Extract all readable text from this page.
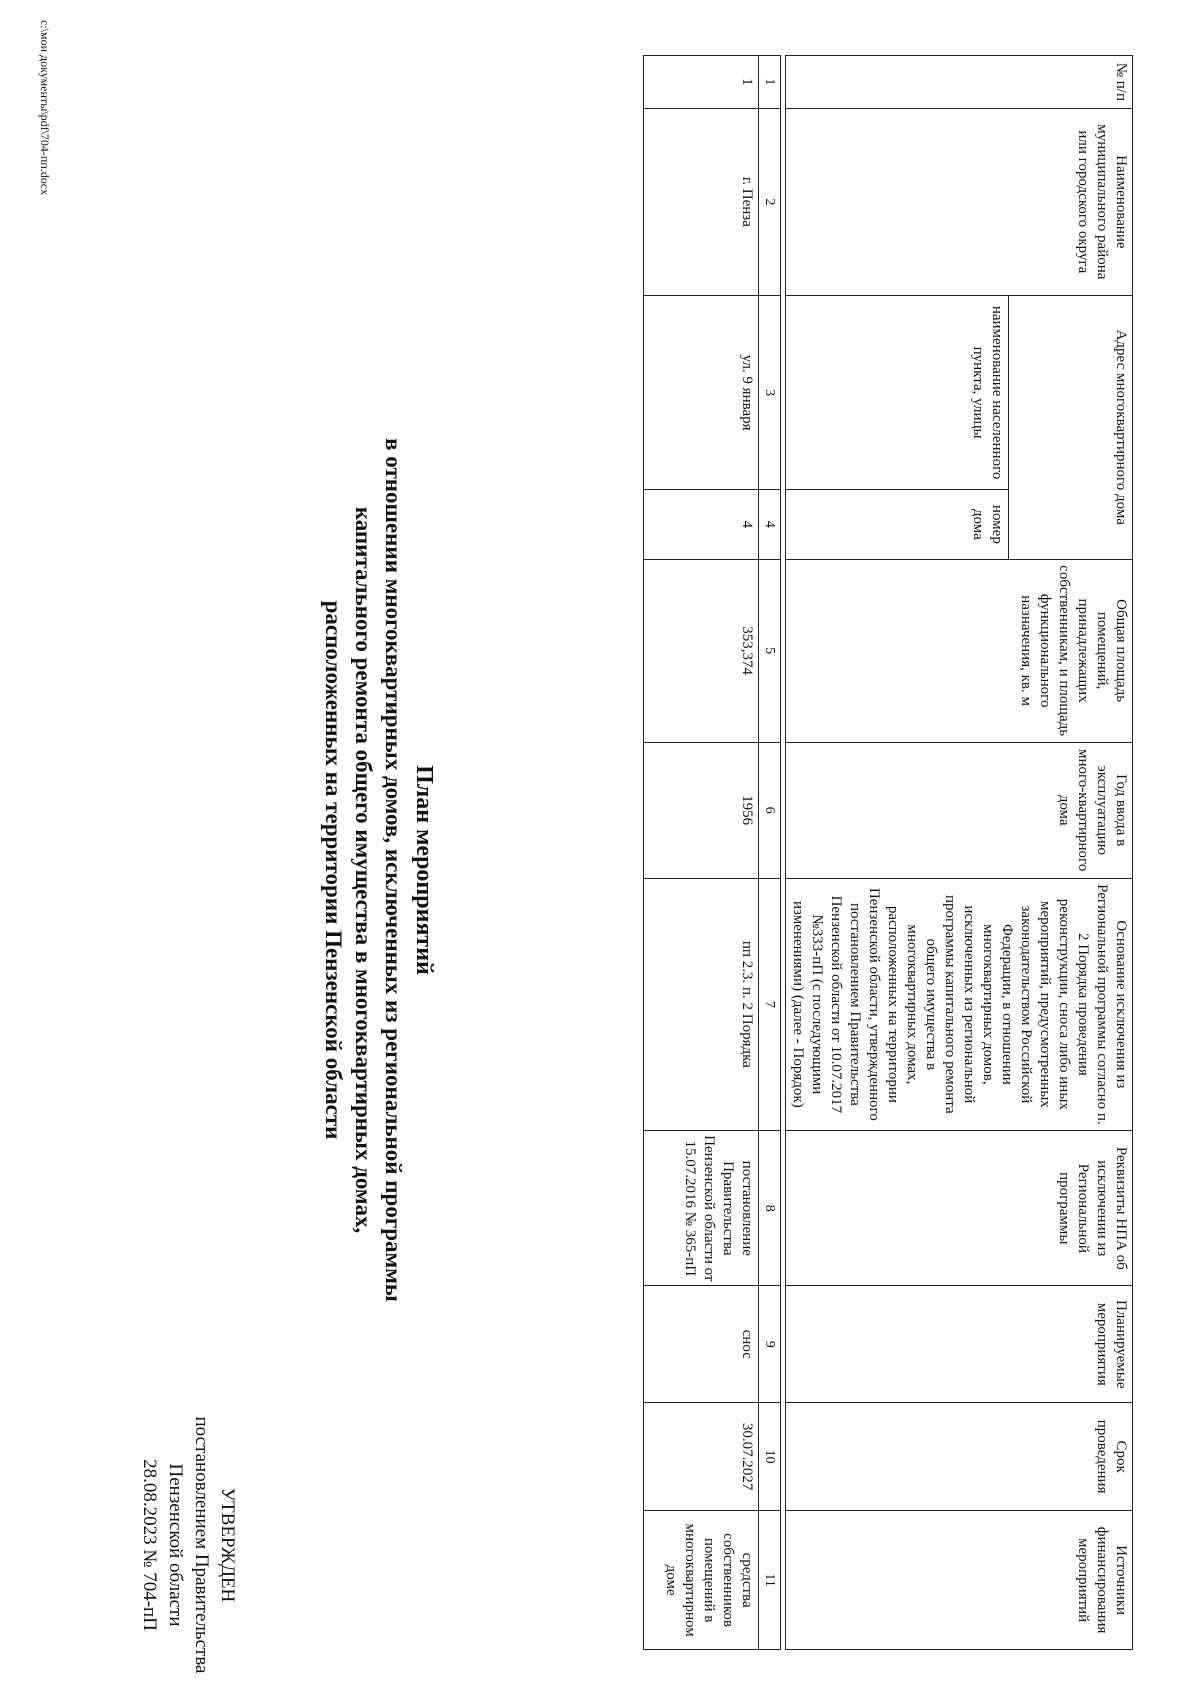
УТВЕРЖДЕН
постановлением Правительства
Пензенской области
28.08.2023 № 704-пП
План мероприятий
в отношении многоквартирных домов, исключенных из региональной программы
капитального ремонта общего имущества в многоквартирных домах,
расположенных на территории Пензенской области
№ п/п	Наименование муниципального района или городского округа	Адрес многоквартирного дома		Общая площадь помещений, принадлежащих собственникам, и площадь функционального назначения, кв. м	Год ввода в эксплуатацию много-квартирного дома	Основание исключения из Региональной программы согласно п. 2 Порядка проведения реконструкции, сноса либо иных мероприятий, предусмотренных законодательством Российской Федерации, в отношении многоквартирных домов, исключенных из региональной программы капитального ремонта общего имущества в многоквартирных домах, расположенных на территории Пензенской области, утвержденного постановлением Правительства Пензенской области от 10.07.2017 №333-пП (с последующими изменениями) (далее - Порядок)	Реквизиты НПА об исключении из Региональной программы	Планируемые мероприятия	Срок проведения	Источники финансирования мероприятий
		наименование населенного пункта, улицы	номер дома							

1	2	3	4	5	6	7	8	9	10	11
1	г. Пенза	ул. 9 января	4	353,374	1956	пп 2.3. п. 2 Порядка	постановление Правительства Пензенской области от 15.07.2016 № 365-пП	снос	30.07.2027	средства собственников помещений в многоквартирном доме
c:\мои документы\pdf\704-пп.docx
